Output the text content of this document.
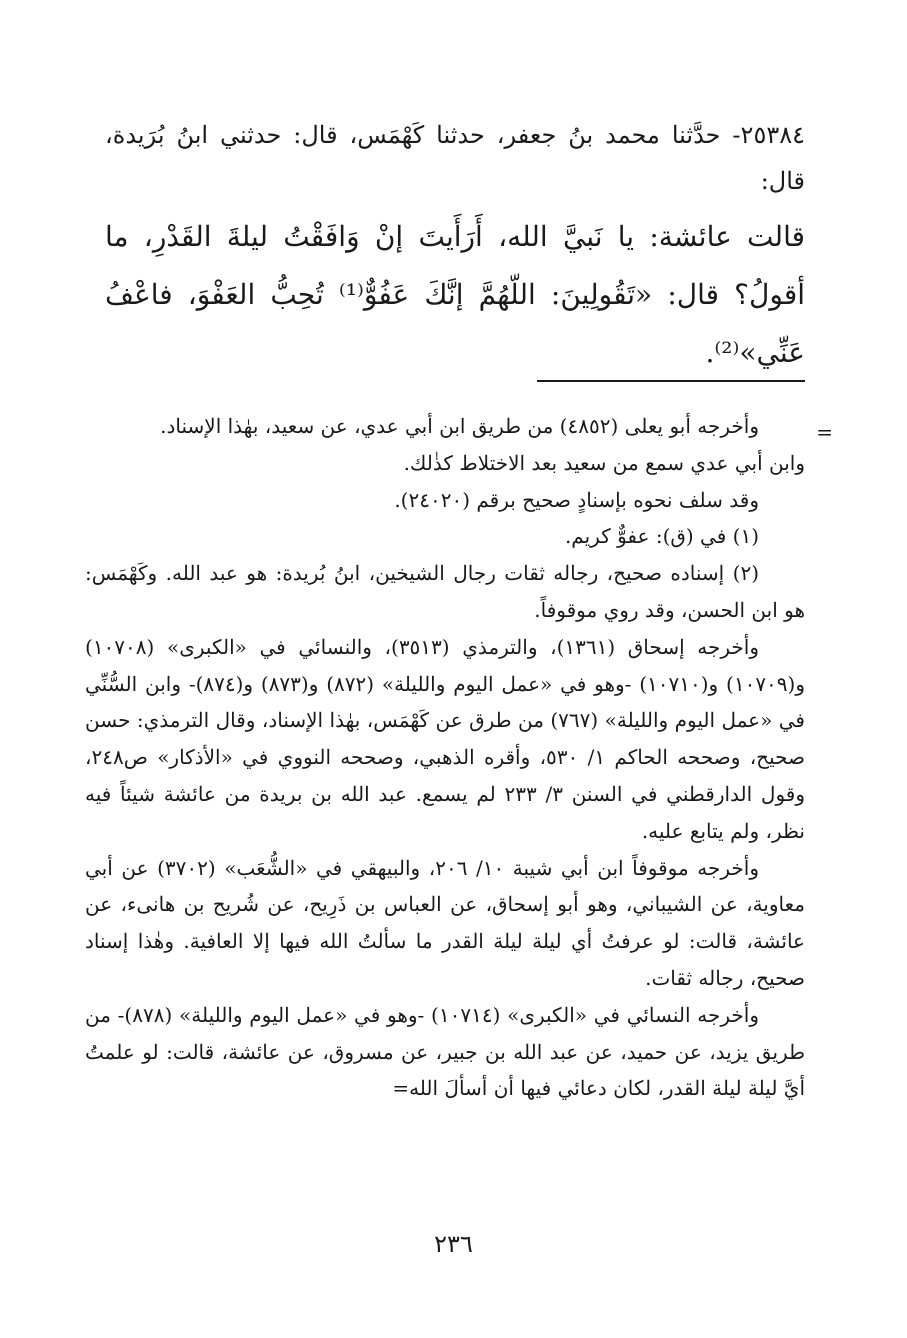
٢٥٣٨٤- حدَّثنا محمد بنُ جعفر، حدثنا كَهْمَس، قال: حدثني ابنُ بُرَيدة، قال:
قالت عائشة: يا نَبيَّ الله، أَرَأَيتَ إنْ وَافَقْتُ ليلةَ القَدْرِ، ما أقولُ؟ قال: «تَقُولِينَ: اللّهُمَّ إنَّكَ عَفُوٌّ⁽¹⁾ تُحِبُّ العَفْوَ، فاعْفُ عَنِّي»⁽²⁾.
=

وأخرجه أبو يعلى (٤٨٥٢) من طريق ابن أبي عدي، عن سعيد، بهٰذا الإسناد.

وابن أبي عدي سمع من سعيد بعد الاختلاط كذٰلك.

وقد سلف نحوه بإسنادٍ صحيح برقم (٢٤٠٢٠).

(١) في (ق): عفوٌّ كريم.

(٢) إسناده صحيح، رجاله ثقات رجال الشيخين، ابنُ بُريدة: هو عبد الله. وكَهْمَس: هو ابن الحسن، وقد روي موقوفاً.

وأخرجه إسحاق (١٣٦١)، والترمذي (٣٥١٣)، والنسائي في «الكبرى» (١٠٧٠٨) و(١٠٧٠٩) و(١٠٧١٠) -وهو في «عمل اليوم والليلة» (٨٧٢) و(٨٧٣) و(٨٧٤)- وابن السُّنِّي في «عمل اليوم والليلة» (٧٦٧) من طرق عن كَهْمَس، بهٰذا الإسناد، وقال الترمذي: حسن صحيح، وصححه الحاكم ١/ ٥٣٠، وأقره الذهبي، وصححه النووي في «الأذكار» ص٢٤٨، وقول الدارقطني في السنن ٣/ ٢٣٣ لم يسمع. عبد الله بن بريدة من عائشة شيئاً فيه نظر، ولم يتابع عليه.

وأخرجه موقوفاً ابن أبي شيبة ١٠/ ٢٠٦، والبيهقي في «الشُّعَب» (٣٧٠٢) عن أبي معاوية، عن الشيباني، وهو أبو إسحاق، عن العباس بن ذَرِيح، عن شُريح بن هانىء، عن عائشة، قالت: لو عرفتُ أي ليلة ليلة القدر ما سألتُ الله فيها إلا العافية. وهٰذا إسناد صحيح، رجاله ثقات.

وأخرجه النسائي في «الكبرى» (١٠٧١٤) -وهو في «عمل اليوم والليلة» (٨٧٨)- من طريق يزيد، عن حميد، عن عبد الله بن جبير، عن مسروق، عن عائشة، قالت: لو علمتُ أيَّ ليلة ليلة القدر، لكان دعائي فيها أن أسألَ الله=

٢٣٦
